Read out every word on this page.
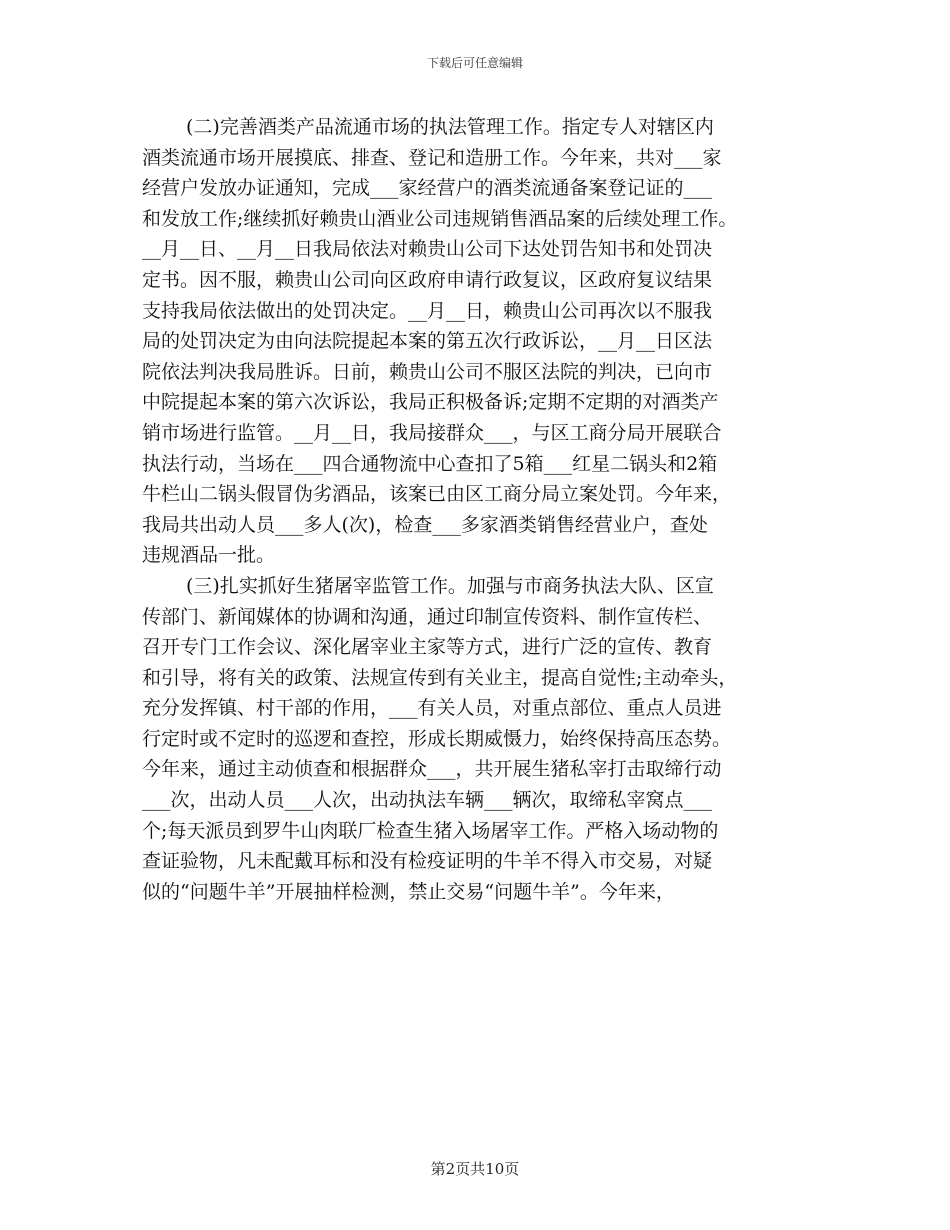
下载后可任意编辑
(二)完善酒类产品流通市场的执法管理工作。指定专人对辖区内
酒类流通市场开展摸底、排查、登记和造册工作。今年来，共对___家
经营户发放办证通知，完成___家经营户的酒类流通备案登记证的___
和发放工作;继续抓好赖贵山酒业公司违规销售酒品案的后续处理工作。
__月__日、__月__日我局依法对赖贵山公司下达处罚告知书和处罚决
定书。因不服，赖贵山公司向区政府申请行政复议，区政府复议结果
支持我局依法做出的处罚决定。__月__日，赖贵山公司再次以不服我
局的处罚决定为由向法院提起本案的第五次行政诉讼，__月__日区法
院依法判决我局胜诉。日前，赖贵山公司不服区法院的判决，已向市
中院提起本案的第六次诉讼，我局正积极备诉;定期不定期的对酒类产
销市场进行监管。__月__日，我局接群众___，与区工商分局开展联合
执法行动，当场在___四合通物流中心查扣了5箱___红星二锅头和2箱
牛栏山二锅头假冒伪劣酒品，该案已由区工商分局立案处罚。今年来，
我局共出动人员___多人(次)，检查___多家酒类销售经营业户，查处
违规酒品一批。
(三)扎实抓好生猪屠宰监管工作。加强与市商务执法大队、区宣
传部门、新闻媒体的协调和沟通，通过印制宣传资料、制作宣传栏、
召开专门工作会议、深化屠宰业主家等方式，进行广泛的宣传、教育
和引导，将有关的政策、法规宣传到有关业主，提高自觉性;主动牵头，
充分发挥镇、村干部的作用，___有关人员，对重点部位、重点人员进
行定时或不定时的巡逻和查控，形成长期威慑力，始终保持高压态势。
今年来，通过主动侦查和根据群众___，共开展生猪私宰打击取缔行动
___次，出动人员___人次，出动执法车辆___辆次，取缔私宰窝点___
个;每天派员到罗牛山肉联厂检查生猪入场屠宰工作。严格入场动物的
查证验物，凡未配戴耳标和没有检疫证明的牛羊不得入市交易，对疑
似的“问题牛羊”开展抽样检测，禁止交易“问题牛羊”。今年来，
第2页共10页
